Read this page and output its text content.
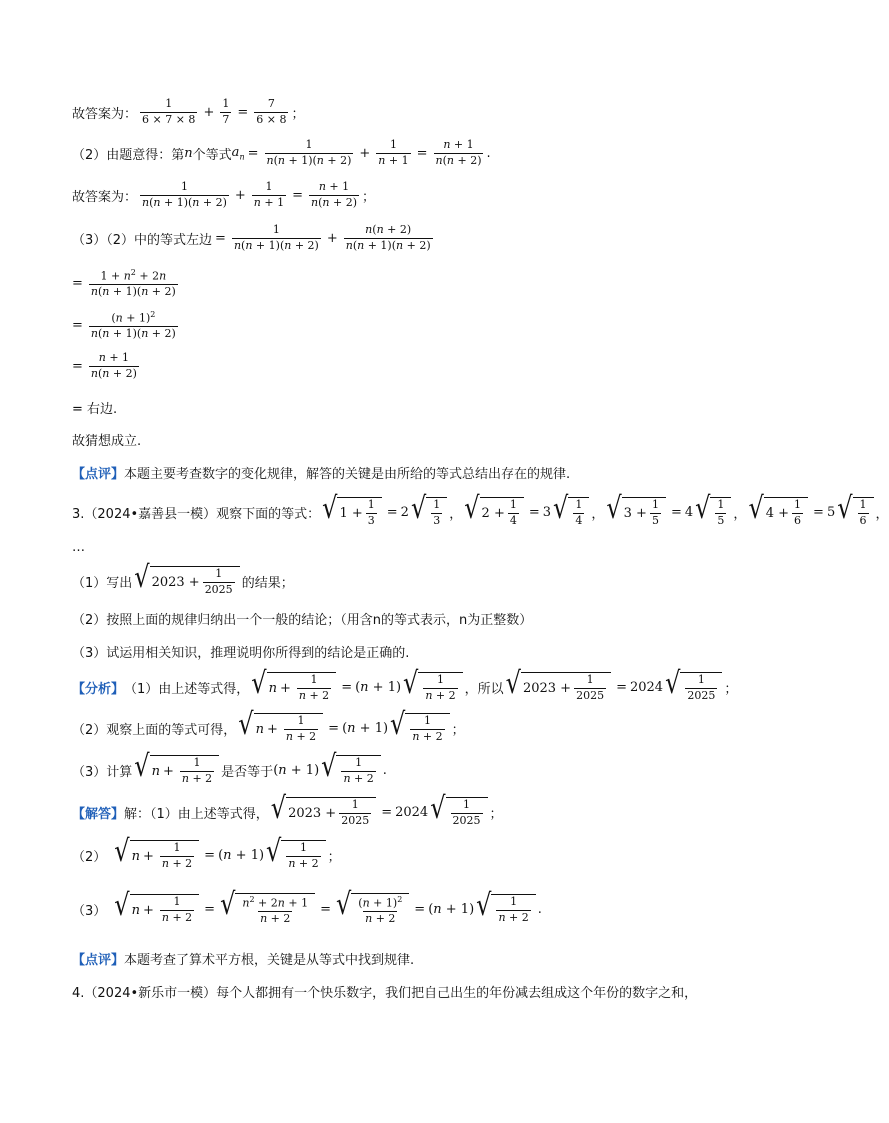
故答案为： $\frac{1}{6 \times 7 \times 8} + \frac{1}{7} = \frac{7}{6 \times 8}$ ；
（2）由题意得：第 n 个等式 $a_n = \frac{1}{n(n + 1)(n + 2)} + \frac{1}{n + 1} = \frac{n + 1}{n(n + 2)}$ .
故答案为： $\frac{1}{n(n + 1)(n + 2)} + \frac{1}{n + 1} = \frac{n + 1}{n(n + 2)}$ ；
（3）（2）中的等式左边 = $\frac{1}{n(n + 1)(n + 2)} + \frac{n(n + 2)}{n(n + 1)(n + 2)}$
= $\frac{1 + n^2 + 2n}{n(n + 1)(n + 2)}$
= $\frac{(n + 1)^2}{n(n + 1)(n + 2)}$
= $\frac{n + 1}{n(n + 2)}$
= 右边.
故猜想成立.
【点评】 本题主要考查数字的变化规律，解答的关键是由所给的等式总结出存在的规律.
3.（2024•嘉善县一模）观察下面的等式： √ $1 + \frac{1}{3} = 2$ √ $\frac{1}{3}$ ， √ $2 + \frac{1}{4} = 3$ √ $\frac{1}{4}$ ， √ $3 + \frac{1}{5} = 4$ √ $\frac{1}{5}$ ， √ $4 + \frac{1}{6} = 5$ √ $\frac{1}{6}$ ，
…
（1）写出 √ $2023 + \frac{1}{2025}$ 的结果；
（2）按照上面的规律归纳出一个一般的结论；（用含n的等式表示，n为正整数）
（3）试运用相关知识，推理说明你所得到的结论是正确的.
【分析】 （1）由上述等式得， √ $n + \frac{1}{n + 2} = (n + 1)$ √ $\frac{1}{n + 2}$ ，所以 √ $2023 + \frac{1}{2025} = 2024$ √ $\frac{1}{2025}$ ；
（2）观察上面的等式可得， √ $n + \frac{1}{n + 2} = (n + 1)$ √ $\frac{1}{n + 2}$ ；
（3）计算 √ $n + \frac{1}{n + 2}$ 是否等于 (n + 1) √ $\frac{1}{n + 2}$ .
【解答】 解：（1）由上述等式得， √ $2023 + \frac{1}{2025} = 2024$ √ $\frac{1}{2025}$ ；
（2） √ $n + \frac{1}{n + 2} = (n + 1)$ √ $\frac{1}{n + 2}$ ；
（3） √ $n + \frac{1}{n + 2}$ = √ $\frac{n^2 + 2n + 1}{n + 2}$ = √ $\frac{(n + 1)^2}{n + 2} = (n + 1)$ √ $\frac{1}{n + 2}$ .
【点评】 本题考查了算术平方根，关键是从等式中找到规律.
4.（2024•新乐市一模） 每个人都拥有一个快乐数字，我们把自己出生的年份减去组成这个年份的数字之和，
